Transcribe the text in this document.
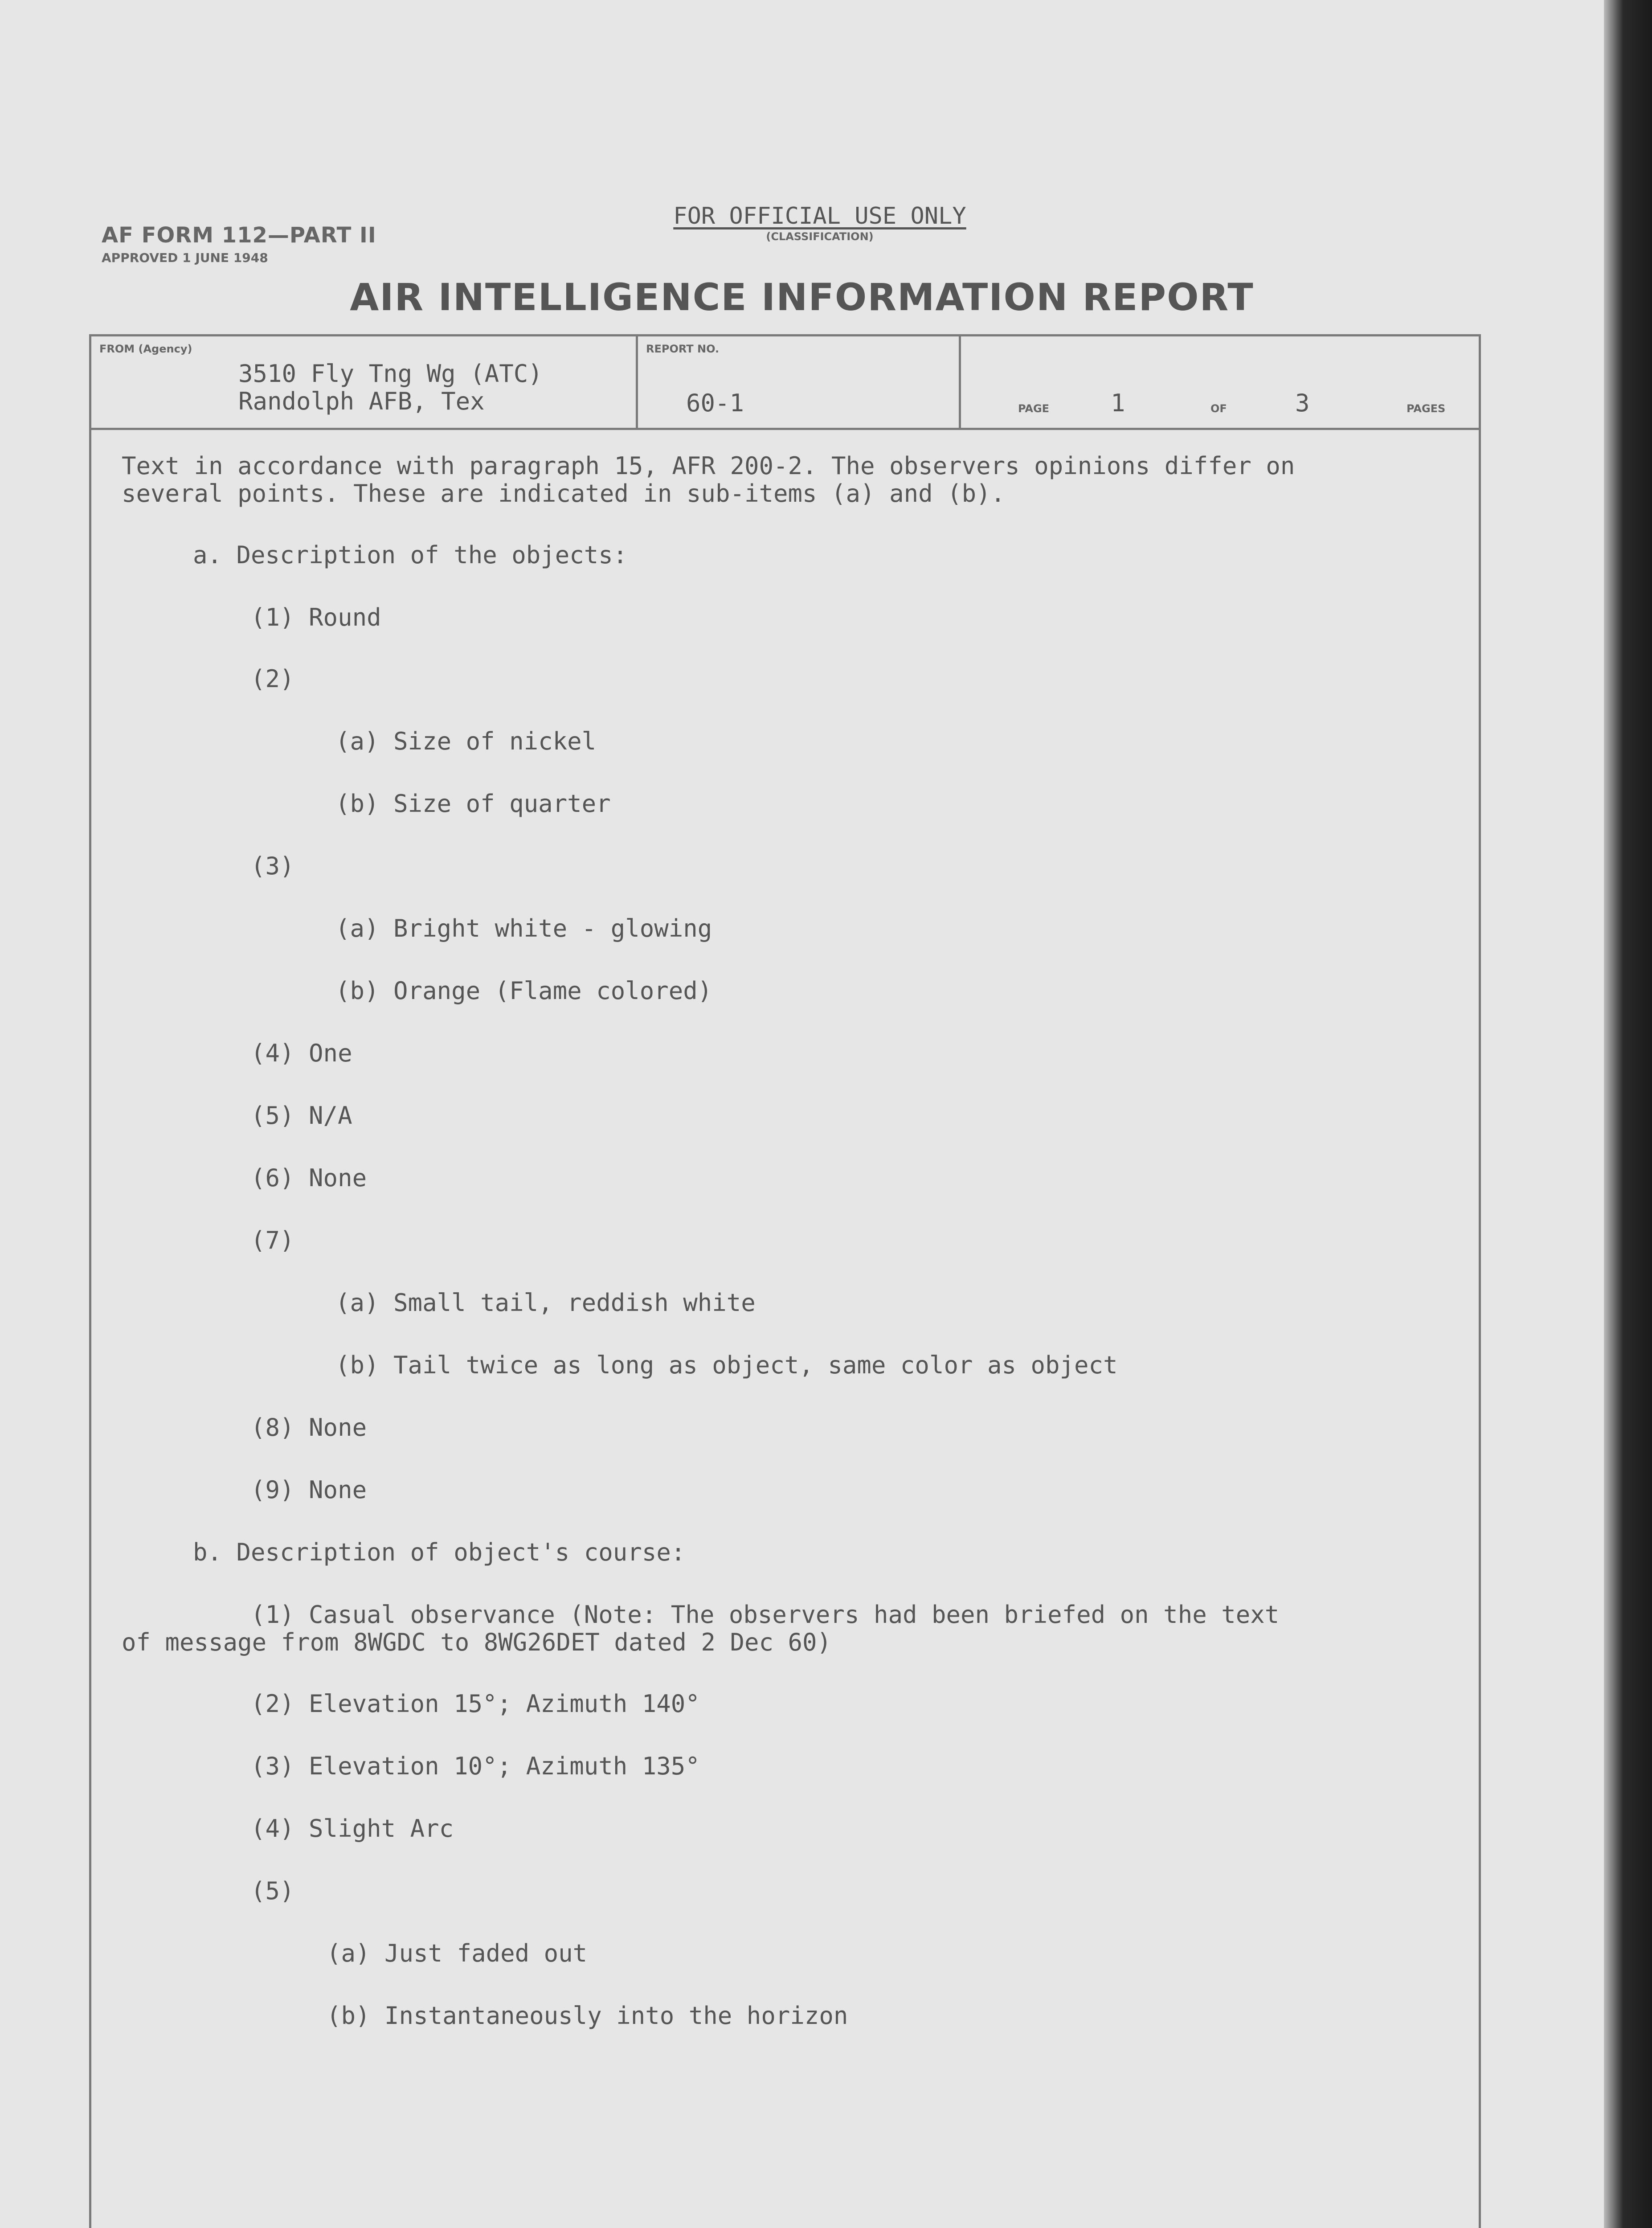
AF FORM 112—PART II
APPROVED 1 JUNE 1948
FOR OFFICIAL USE ONLY
(CLASSIFICATION)
AIR INTELLIGENCE INFORMATION REPORT
FROM (Agency)
3510 Fly Tng Wg (ATC)
Randolph AFB, Tex
REPORT NO.
60-1	PAGE	1	OF	3	PAGES
Text in accordance with paragraph 15, AFR 200-2. The observers opinions differ on
several points. These are indicated in sub-items (a) and (b).
a. Description of the objects:
(1) Round
(2)
(a) Size of nickel
(b) Size of quarter
(3)
(a) Bright white - glowing
(b) Orange (Flame colored)
(4) One
(5) N/A
(6) None
(7)
(a) Small tail, reddish white
(b) Tail twice as long as object, same color as object
(8) None
(9) None
b. Description of object's course:
(1) Casual observance (Note: The observers had been briefed on the text
of message from 8WGDC to 8WG26DET dated 2 Dec 60)
(2) Elevation 15°; Azimuth 140°
(3) Elevation 10°; Azimuth 135°
(4) Slight Arc
(5)
(a) Just faded out
(b) Instantaneously into the horizon
